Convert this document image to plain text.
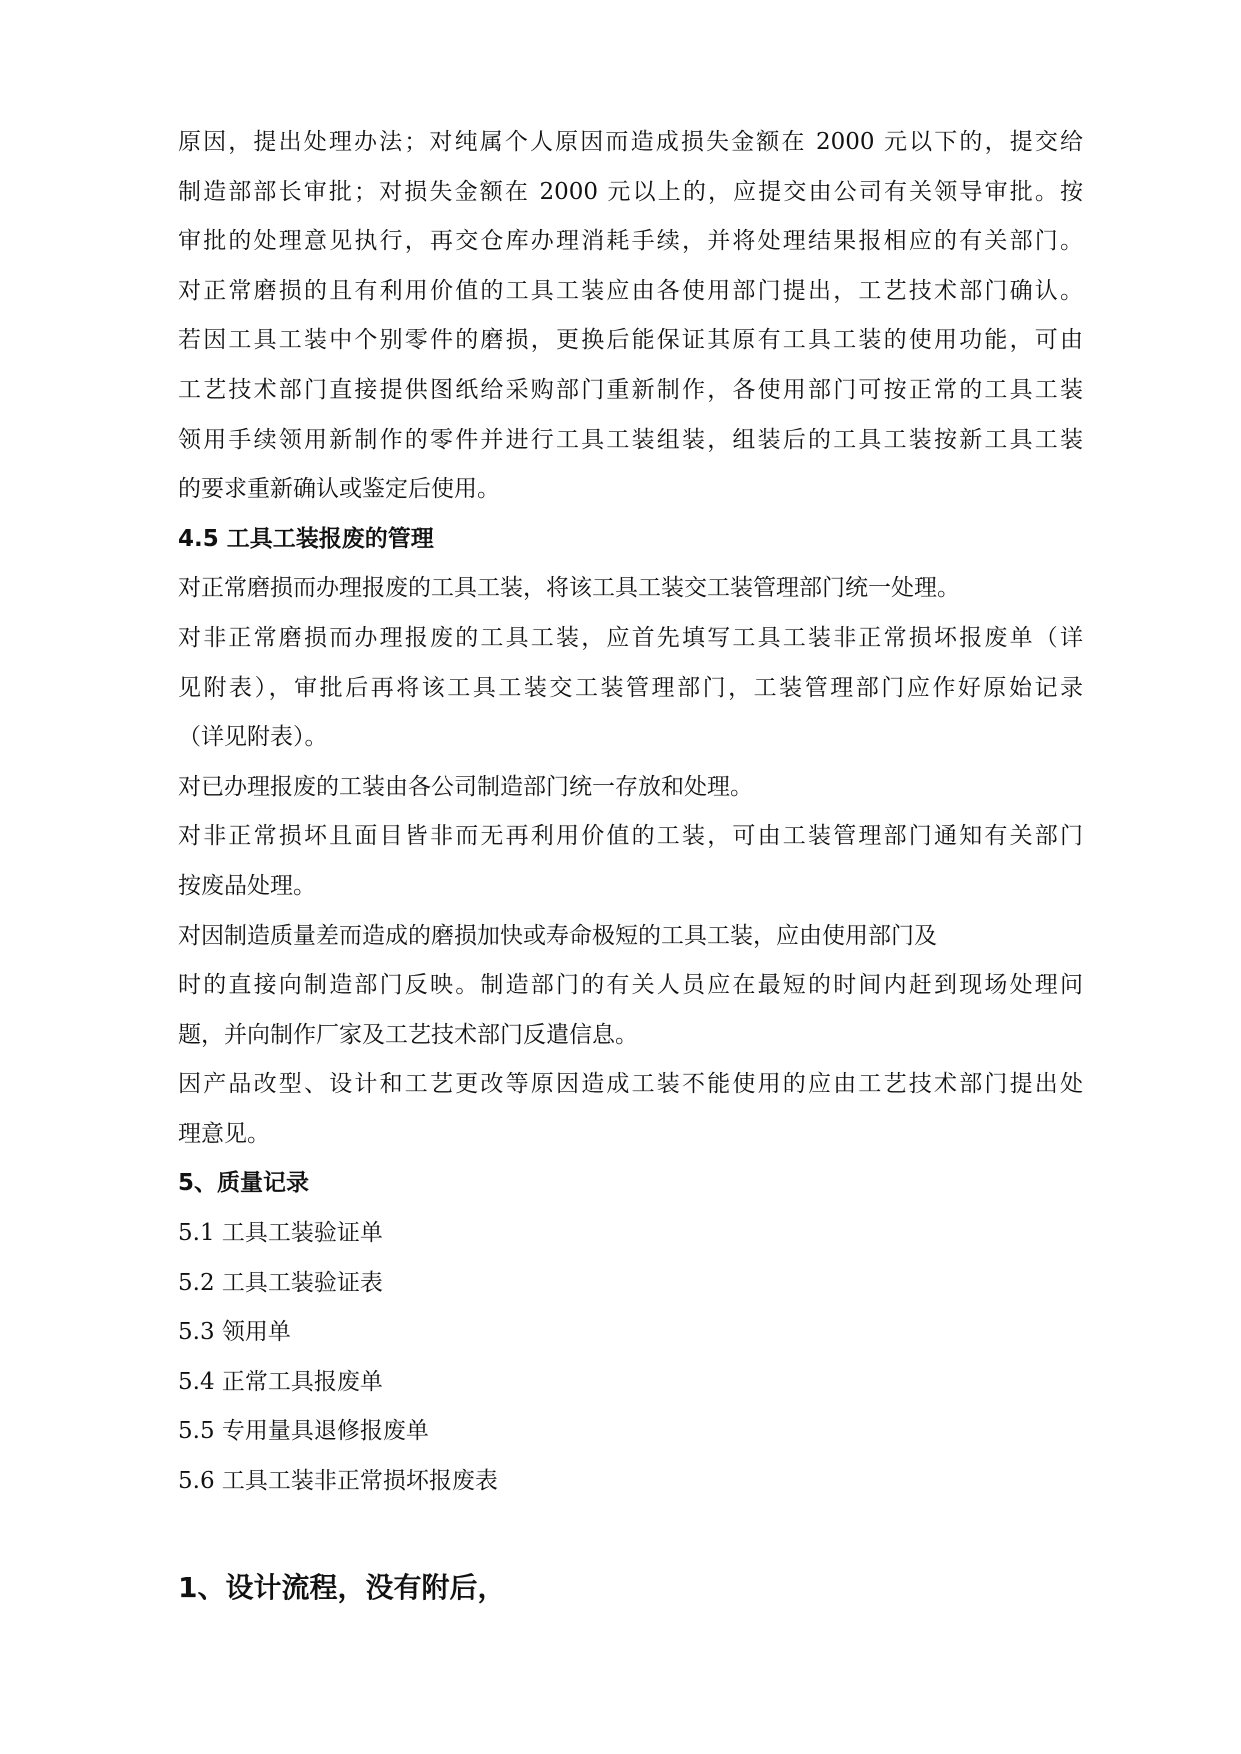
原因，提出处理办法；对纯属个人原因而造成损失金额在 2000 元以下的，提交给
制造部部长审批；对损失金额在 2000 元以上的，应提交由公司有关领导审批。按
审批的处理意见执行，再交仓库办理消耗手续，并将处理结果报相应的有关部门。
对正常磨损的且有利用价值的工具工装应由各使用部门提出，工艺技术部门确认。
若因工具工装中个别零件的磨损，更换后能保证其原有工具工装的使用功能，可由
工艺技术部门直接提供图纸给采购部门重新制作，各使用部门可按正常的工具工装
领用手续领用新制作的零件并进行工具工装组装，组装后的工具工装按新工具工装
的要求重新确认或鉴定后使用。
4.5 工具工装报废的管理
对正常磨损而办理报废的工具工装，将该工具工装交工装管理部门统一处理。
对非正常磨损而办理报废的工具工装，应首先填写工具工装非正常损坏报废单（详
见附表），审批后再将该工具工装交工装管理部门，工装管理部门应作好原始记录
（详见附表）。
对已办理报废的工装由各公司制造部门统一存放和处理。
对非正常损坏且面目皆非而无再利用价值的工装，可由工装管理部门通知有关部门
按废品处理。
对因制造质量差而造成的磨损加快或寿命极短的工具工装，应由使用部门及
时的直接向制造部门反映。制造部门的有关人员应在最短的时间内赶到现场处理问
题，并向制作厂家及工艺技术部门反遣信息。
因产品改型、设计和工艺更改等原因造成工装不能使用的应由工艺技术部门提出处
理意见。
5、质量记录
5.1 工具工装验证单
5.2 工具工装验证表
5.3 领用单
5.4 正常工具报废单
5.5 专用量具退修报废单
5.6 工具工装非正常损坏报废表
1、设计流程，没有附后，
